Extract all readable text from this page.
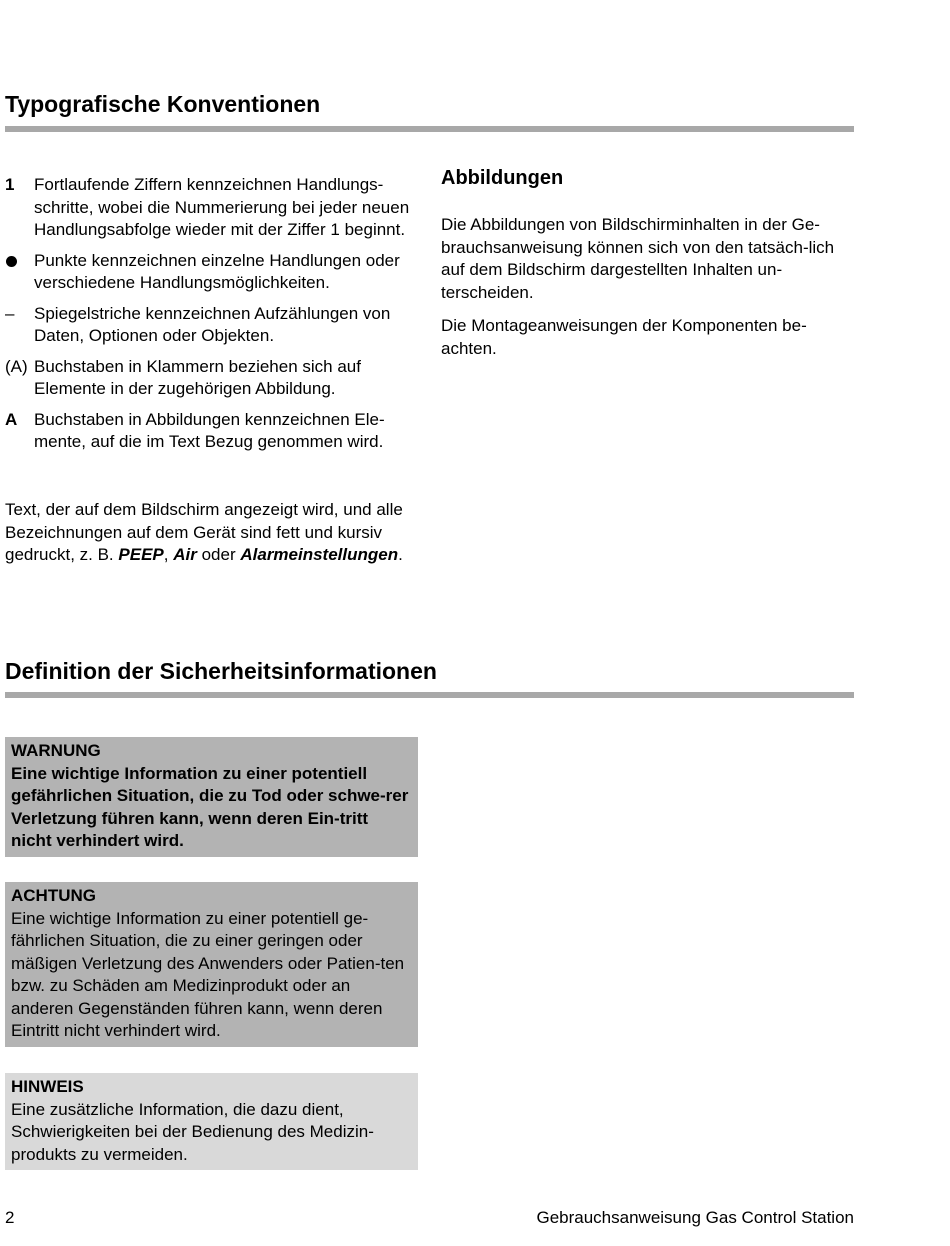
Typografische Konventionen
1	Fortlaufende Ziffern kennzeichnen Handlungs-schritte, wobei die Nummerierung bei jeder neuen Handlungsabfolge wieder mit der Ziffer 1 beginnt.
Punkte kennzeichnen einzelne Handlungen oder verschiedene Handlungsmöglichkeiten.
–	Spiegelstriche kennzeichnen Aufzählungen von Daten, Optionen oder Objekten.
(A) Buchstaben in Klammern beziehen sich auf Elemente in der zugehörigen Abbildung.
A Buchstaben in Abbildungen kennzeichnen Ele-mente, auf die im Text Bezug genommen wird.

Text, der auf dem Bildschirm angezeigt wird, und alle Bezeichnungen auf dem Gerät sind fett und kursiv gedruckt, z. B. PEEP, Air oder Alarmeinstellungen.

Abbildungen

Die Abbildungen von Bildschirminhalten in der Ge-brauchsanweisung können sich von den tatsäch-lich auf dem Bildschirm dargestellten Inhalten un-terscheiden.

Die Montageanweisungen der Komponenten be-achten.

Definition der Sicherheitsinformationen
WARNUNG
Eine wichtige Information zu einer potentiell gefährlichen Situation, die zu Tod oder schwe-rer Verletzung führen kann, wenn deren Ein-tritt nicht verhindert wird.
ACHTUNG
Eine wichtige Information zu einer potentiell ge-fährlichen Situation, die zu einer geringen oder mäßigen Verletzung des Anwenders oder Patien-ten bzw. zu Schäden am Medizinprodukt oder an anderen Gegenständen führen kann, wenn deren Eintritt nicht verhindert wird.
HINWEIS
Eine zusätzliche Information, die dazu dient, Schwierigkeiten bei der Bedienung des Medizin-produkts zu vermeiden.

2	Gebrauchsanweisung Gas Control Station
